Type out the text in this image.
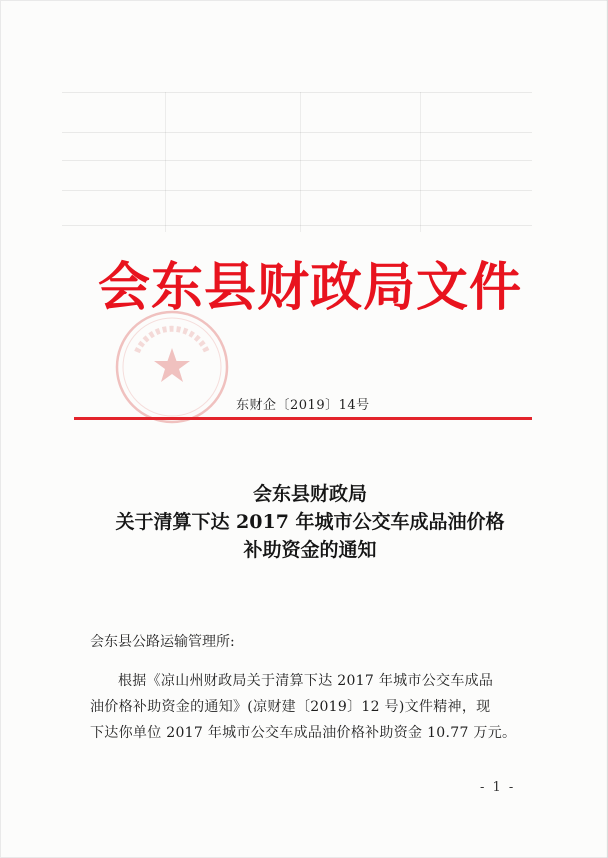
会东县财政局文件
东财企〔2019〕14号
会东县财政局
关于清算下达 2017 年城市公交车成品油价格
补助资金的通知
会东县公路运输管理所:
根据《凉山州财政局关于清算下达 2017 年城市公交车成品
油价格补助资金的通知》(凉财建〔2019〕12 号)文件精神，现
下达你单位 2017 年城市公交车成品油价格补助资金 10.77 万元。
- 1 -
